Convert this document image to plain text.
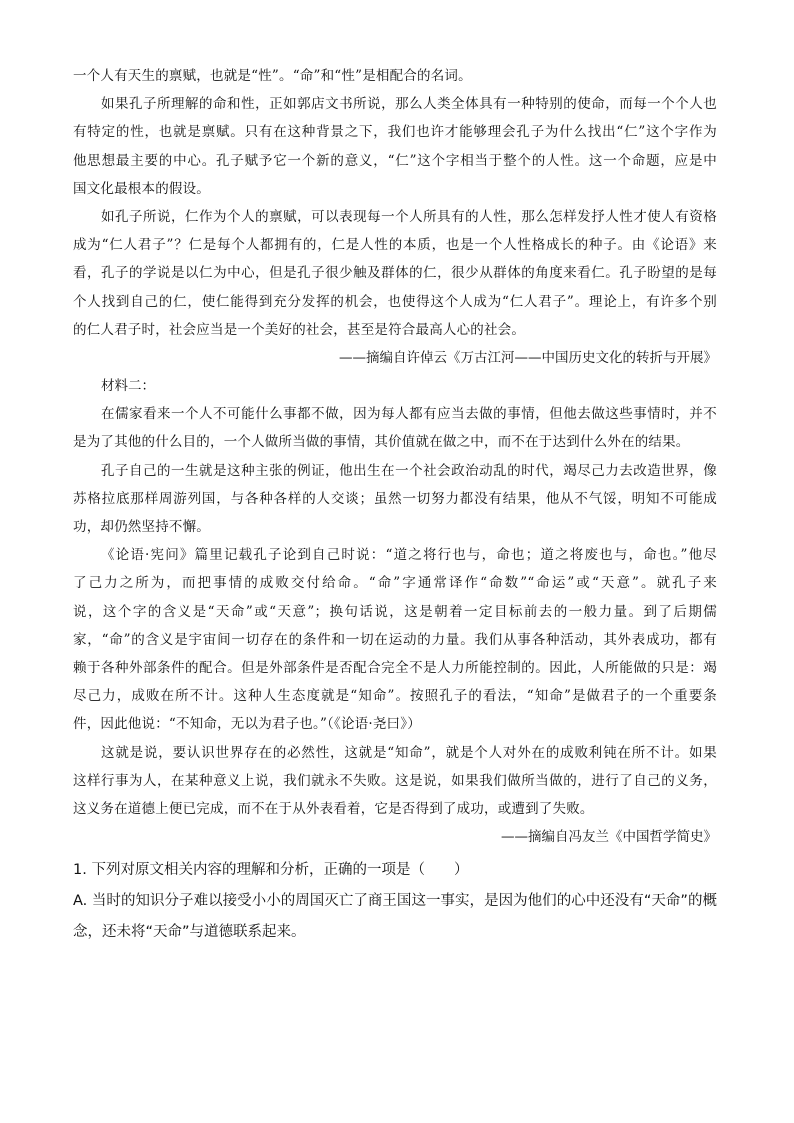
一个人有天生的禀赋，也就是“性”。“命”和“性”是相配合的名词。
如果孔子所理解的命和性，正如郭店文书所说，那么人类全体具有一种特别的使命，而每一个个人也
有特定的性，也就是禀赋。只有在这种背景之下，我们也许才能够理会孔子为什么找出“仁”这个字作为
他思想最主要的中心。孔子赋予它一个新的意义，“仁”这个字相当于整个的人性。这一个命题，应是中
国文化最根本的假设。
如孔子所说，仁作为个人的禀赋，可以表现每一个人所具有的人性，那么怎样发抒人性才使人有资格
成为“仁人君子”？仁是每个人都拥有的，仁是人性的本质，也是一个人性格成长的种子。由《论语》来
看，孔子的学说是以仁为中心，但是孔子很少触及群体的仁，很少从群体的角度来看仁。孔子盼望的是每
个人找到自己的仁，使仁能得到充分发挥的机会，也使得这个人成为“仁人君子”。理论上，有许多个别
的仁人君子时，社会应当是一个美好的社会，甚至是符合最高人心的社会。
——摘编自许倬云《万古江河——中国历史文化的转折与开展》
材料二：
在儒家看来一个人不可能什么事都不做，因为每人都有应当去做的事情，但他去做这些事情时，并不
是为了其他的什么目的，一个人做所当做的事情，其价值就在做之中，而不在于达到什么外在的结果。
孔子自己的一生就是这种主张的例证，他出生在一个社会政治动乱的时代，竭尽己力去改造世界，像
苏格拉底那样周游列国，与各种各样的人交谈；虽然一切努力都没有结果，他从不气馁，明知不可能成
功，却仍然坚持不懈。
《论语·宪问》篇里记载孔子论到自己时说：“道之将行也与，命也；道之将废也与，命也。”他尽
了己力之所为，而把事情的成败交付给命。“命”字通常译作“命数”“命运”或“天意”。就孔子来
说，这个字的含义是“天命”或“天意”；换句话说，这是朝着一定目标前去的一般力量。到了后期儒
家，“命”的含义是宇宙间一切存在的条件和一切在运动的力量。我们从事各种活动，其外表成功，都有
赖于各种外部条件的配合。但是外部条件是否配合完全不是人力所能控制的。因此，人所能做的只是：竭
尽己力，成败在所不计。这种人生态度就是“知命”。按照孔子的看法，“知命”是做君子的一个重要条
件，因此他说：“不知命，无以为君子也。”（《论语·尧曰》）
这就是说，要认识世界存在的必然性，这就是“知命”，就是个人对外在的成败利钝在所不计。如果
这样行事为人，在某种意义上说，我们就永不失败。这是说，如果我们做所当做的，进行了自己的义务，
这义务在道德上便已完成，而不在于从外表看着，它是否得到了成功，或遭到了失败。
——摘编自冯友兰《中国哲学简史》
1. 下列对原文相关内容的理解和分析，正确的一项是（　　）
A. 当时的知识分子难以接受小小的周国灭亡了商王国这一事实，是因为他们的心中还没有“天命”的概
念，还未将“天命”与道德联系起来。
